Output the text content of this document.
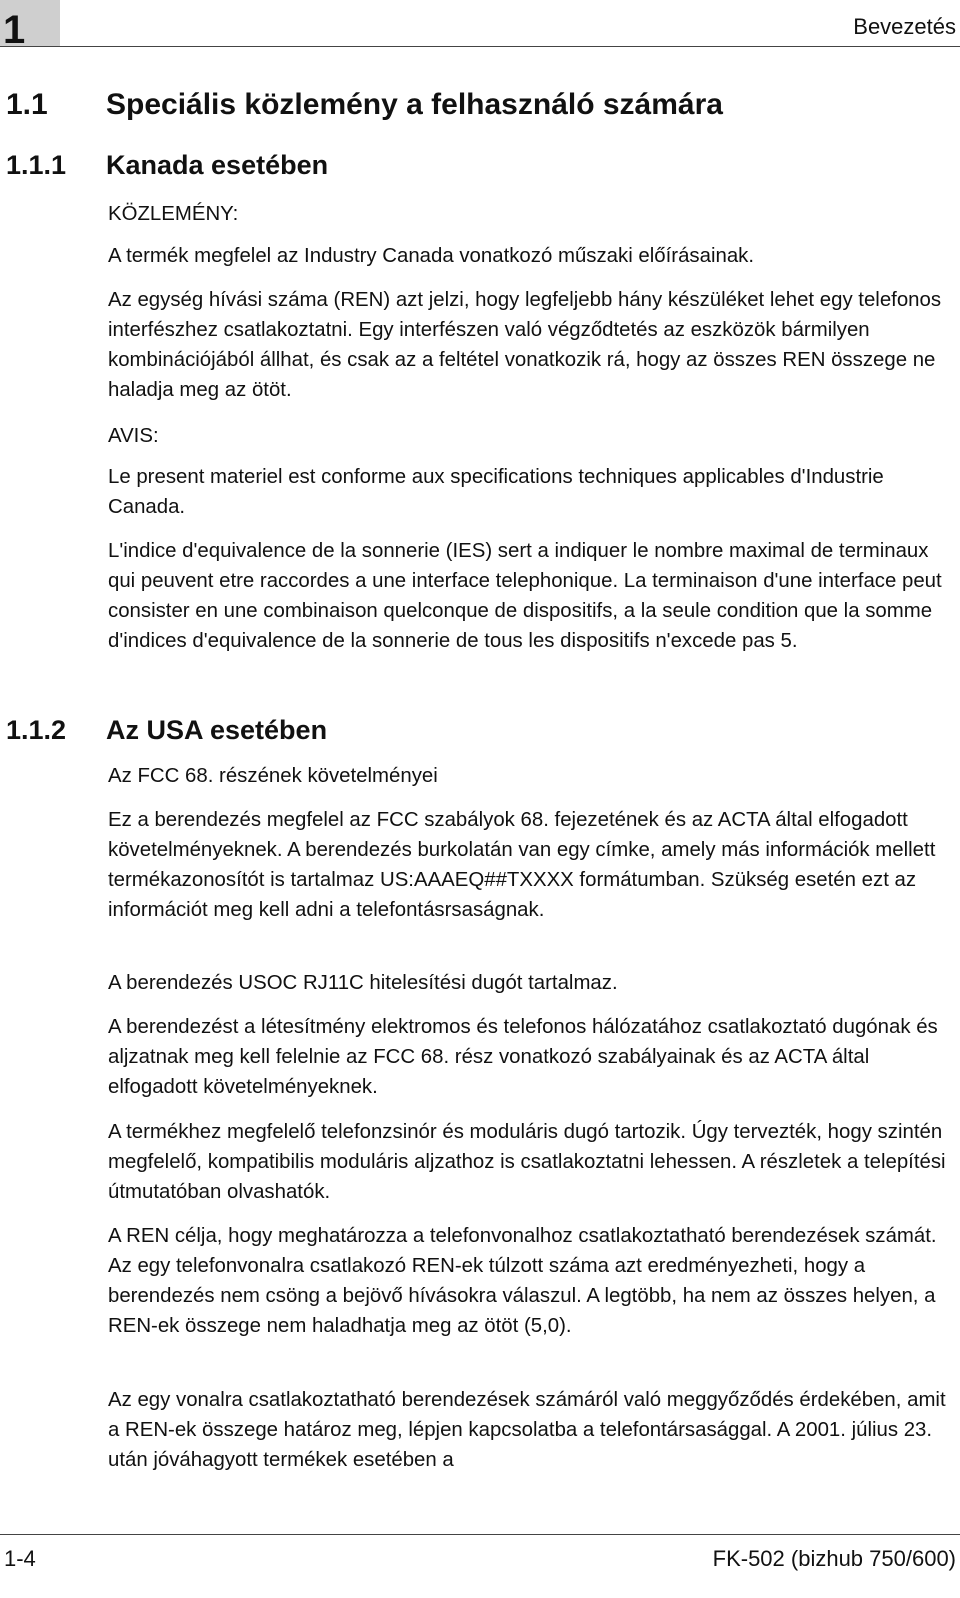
1	Bevezetés
1.1 Speciális közlemény a felhasználó számára
1.1.1 Kanada esetében

KÖZLEMÉNY:

A termék megfelel az Industry Canada vonatkozó műszaki előírásainak.

Az egység hívási száma (REN) azt jelzi, hogy legfeljebb hány készüléket lehet egy telefonos interfészhez csatlakoztatni. Egy interfészen való végződtetés az eszközök bármilyen kombinációjából állhat, és csak az a feltétel vonatkozik rá, hogy az összes REN összege ne haladja meg az ötöt.

AVIS:

Le present materiel est conforme aux specifications techniques applicables d'Industrie Canada.

L'indice d'equivalence de la sonnerie (IES) sert a indiquer le nombre maximal de terminaux qui peuvent etre raccordes a une interface telephonique. La terminaison d'une interface peut consister en une combinaison quelconque de dispositifs, a la seule condition que la somme d'indices d'equivalence de la sonnerie de tous les dispositifs n'excede pas 5.

1.1.2 Az USA esetében

Az FCC 68. részének követelményei

Ez a berendezés megfelel az FCC szabályok 68. fejezetének és az ACTA által elfogadott követelményeknek. A berendezés burkolatán van egy címke, amely más információk mellett termékazonosítót is tartalmaz US:AAAEQ##TXXXX formátumban. Szükség esetén ezt az információt meg kell adni a telefontásrsaságnak.

A berendezés USOC RJ11C hitelesítési dugót tartalmaz.

A berendezést a létesítmény elektromos és telefonos hálózatához csatlakoztató dugónak és aljzatnak meg kell felelnie az FCC 68. rész vonatkozó szabályainak és az ACTA által elfogadott követelményeknek.

A termékhez megfelelő telefonzsinór és moduláris dugó tartozik. Úgy tervezték, hogy szintén megfelelő, kompatibilis moduláris aljzathoz is csatlakoztatni lehessen. A részletek a telepítési útmutatóban olvashatók.

A REN célja, hogy meghatározza a telefonvonalhoz csatlakoztatható berendezések számát. Az egy telefonvonalra csatlakozó REN-ek túlzott száma azt eredményezheti, hogy a berendezés nem csöng a bejövő hívásokra válaszul. A legtöbb, ha nem az összes helyen, a REN-ek összege nem haladhatja meg az ötöt (5,0).

Az egy vonalra csatlakoztatható berendezések számáról való meggyőződés érdekében, amit a REN-ek összege határoz meg, lépjen kapcsolatba a telefontársasággal. A 2001. július 23. után jóváhagyott termékek esetében a

1-4	FK-502 (bizhub 750/600)
